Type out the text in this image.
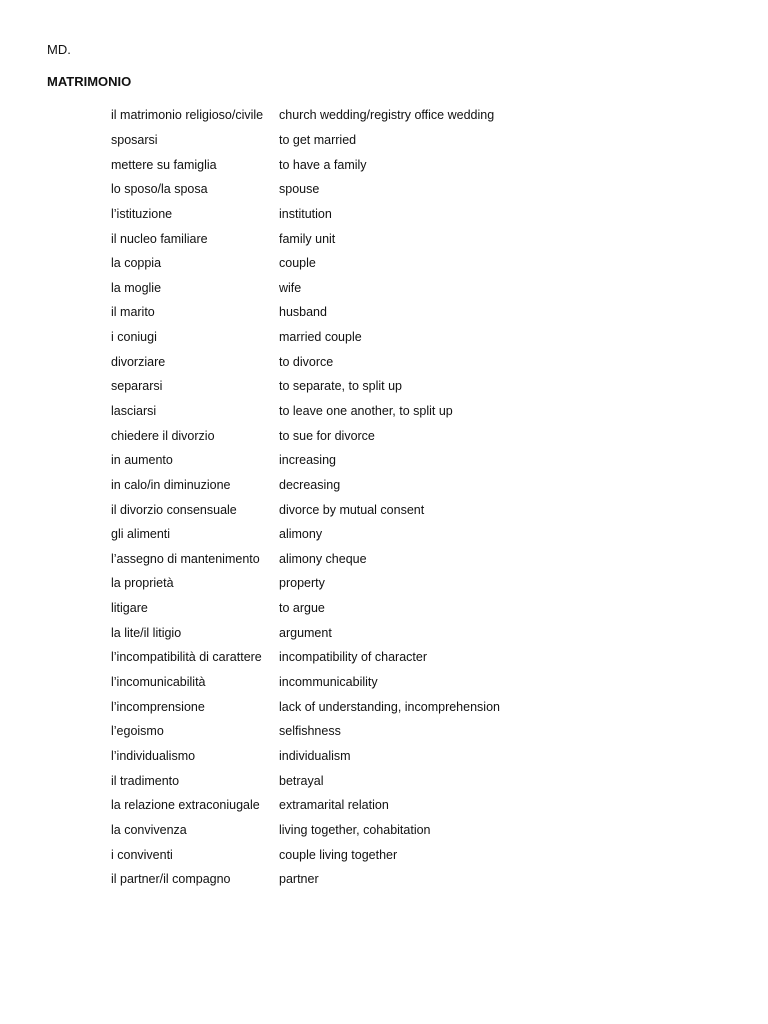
MD.
MATRIMONIO
il matrimonio religioso/civile	church wedding/registry office wedding
sposarsi	to get married
mettere su famiglia	to have a family
lo sposo/la sposa	spouse
l’istituzione	institution
il nucleo familiare	family unit
la coppia	couple
la moglie	wife
il marito	husband
i coniugi	married couple
divorziare	to divorce
separarsi	to separate, to split up
lasciarsi	to leave one another, to split up
chiedere il divorzio	to sue for divorce
in aumento	increasing
in calo/in diminuzione	decreasing
il divorzio consensuale	divorce by mutual consent
gli alimenti	alimony
l’assegno di mantenimento	alimony cheque
la proprietà	property
litigare	to argue
la lite/il litigio	argument
l’incompatibilità di carattere	incompatibility of character
l’incomunicabilità	incommunicability
l’incomprensione	lack of understanding, incomprehension
l’egoismo	selfishness
l’individualismo	individualism
il tradimento	betrayal
la relazione extraconiugale	extramarital relation
la convivenza	living together, cohabitation
i conviventi	couple living together
il partner/il compagno	partner
